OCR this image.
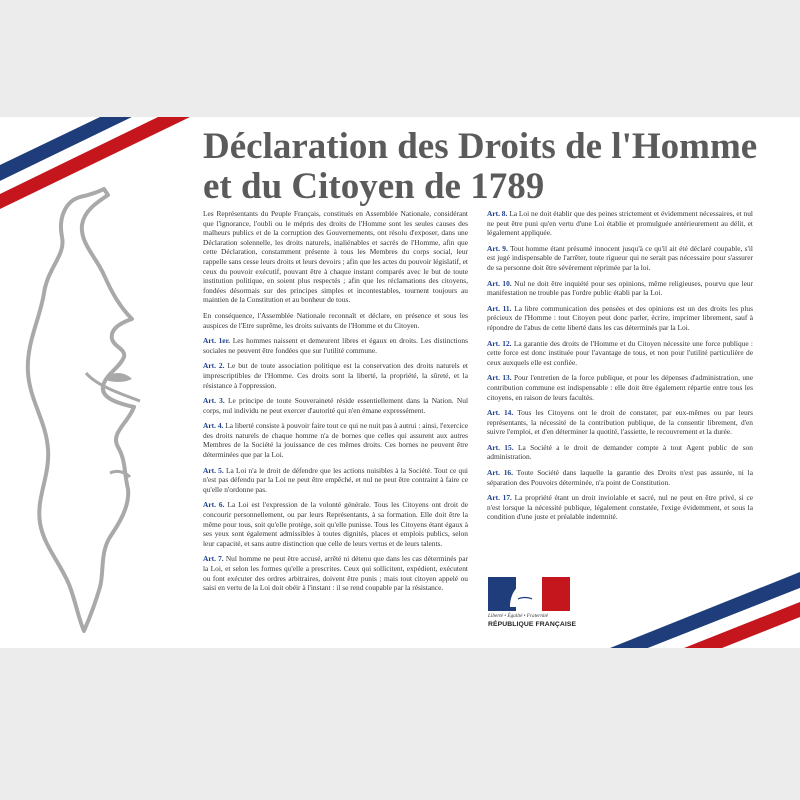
Déclaration des Droits de l'Homme
et du Citoyen de 1789

Les Représentants du Peuple Français, constitués en Assemblée Nationale, considérant que l'ignorance, l'oubli ou le mépris des droits de l'Homme sont les seules causes des malheurs publics et de la corruption des Gouvernements, ont résolu d'exposer, dans une Déclaration solennelle, les droits naturels, inaliénables et sacrés de l'Homme, afin que cette Déclaration, constamment présente à tous les Membres du corps social, leur rappelle sans cesse leurs droits et leurs devoirs ; afin que les actes du pouvoir législatif, et ceux du pouvoir exécutif, pouvant être à chaque instant comparés avec le but de toute institution politique, en soient plus respectés ; afin que les réclamations des citoyens, fondées désormais sur des principes simples et incontestables, tournent toujours au maintien de la Constitution et au bonheur de tous.

En conséquence, l'Assemblée Nationale reconnaît et déclare, en présence et sous les auspices de l'Etre suprême, les droits suivants de l'Homme et du Citoyen.

Art. 1er. Les hommes naissent et demeurent libres et égaux en droits. Les distinctions sociales ne peuvent être fondées que sur l'utilité commune.

Art. 2. Le but de toute association politique est la conservation des droits naturels et imprescriptibles de l'Homme. Ces droits sont la liberté, la propriété, la sûreté, et la résistance à l'oppression.

Art. 3. Le principe de toute Souveraineté réside essentiellement dans la Nation. Nul corps, nul individu ne peut exercer d'autorité qui n'en émane expressément.

Art. 4. La liberté consiste à pouvoir faire tout ce qui ne nuit pas à autrui : ainsi, l'exercice des droits naturels de chaque homme n'a de bornes que celles qui assurent aux autres Membres de la Société la jouissance de ces mêmes droits. Ces bornes ne peuvent être déterminées que par la Loi.

Art. 5. La Loi n'a le droit de défendre que les actions nuisibles à la Société. Tout ce qui n'est pas défendu par la Loi ne peut être empêché, et nul ne peut être contraint à faire ce qu'elle n'ordonne pas.

Art. 6. La Loi est l'expression de la volonté générale. Tous les Citoyens ont droit de concourir personnellement, ou par leurs Représentants, à sa formation. Elle doit être la même pour tous, soit qu'elle protège, soit qu'elle punisse. Tous les Citoyens étant égaux à ses yeux sont également admissibles à toutes dignités, places et emplois publics, selon leur capacité, et sans autre distinction que celle de leurs vertus et de leurs talents.

Art. 7. Nul homme ne peut être accusé, arrêté ni détenu que dans les cas déterminés par la Loi, et selon les formes qu'elle a prescrites. Ceux qui sollicitent, expédient, exécutent ou font exécuter des ordres arbitraires, doivent être punis ; mais tout citoyen appelé ou saisi en vertu de la Loi doit obéir à l'instant : il se rend coupable par la résistance.

Art. 8. La Loi ne doit établir que des peines strictement et évidemment nécessaires, et nul ne peut être puni qu'en vertu d'une Loi établie et promulguée antérieurement au délit, et légalement appliquée.

Art. 9. Tout homme étant présumé innocent jusqu'à ce qu'il ait été déclaré coupable, s'il est jugé indispensable de l'arrêter, toute rigueur qui ne serait pas nécessaire pour s'assurer de sa personne doit être sévèrement réprimée par la loi.

Art. 10. Nul ne doit être inquiété pour ses opinions, même religieuses, pourvu que leur manifestation ne trouble pas l'ordre public établi par la Loi.

Art. 11. La libre communication des pensées et des opinions est un des droits les plus précieux de l'Homme : tout Citoyen peut donc parler, écrire, imprimer librement, sauf à répondre de l'abus de cette liberté dans les cas déterminés par la Loi.

Art. 12. La garantie des droits de l'Homme et du Citoyen nécessite une force publique : cette force est donc instituée pour l'avantage de tous, et non pour l'utilité particulière de ceux auxquels elle est confiée.

Art. 13. Pour l'entretien de la force publique, et pour les dépenses d'administration, une contribution commune est indispensable : elle doit être également répartie entre tous les citoyens, en raison de leurs facultés.

Art. 14. Tous les Citoyens ont le droit de constater, par eux-mêmes ou par leurs représentants, la nécessité de la contribution publique, de la consentir librement, d'en suivre l'emploi, et d'en déterminer la quotité, l'assiette, le recouvrement et la durée.

Art. 15. La Société a le droit de demander compte à tout Agent public de son administration.

Art. 16. Toute Société dans laquelle la garantie des Droits n'est pas assurée, ni la séparation des Pouvoirs déterminée, n'a point de Constitution.

Art. 17. La propriété étant un droit inviolable et sacré, nul ne peut en être privé, si ce n'est lorsque la nécessité publique, légalement constatée, l'exige évidemment, et sous la condition d'une juste et préalable indemnité.

Liberté • Égalité • Fraternité
RÉPUBLIQUE FRANÇAISE
